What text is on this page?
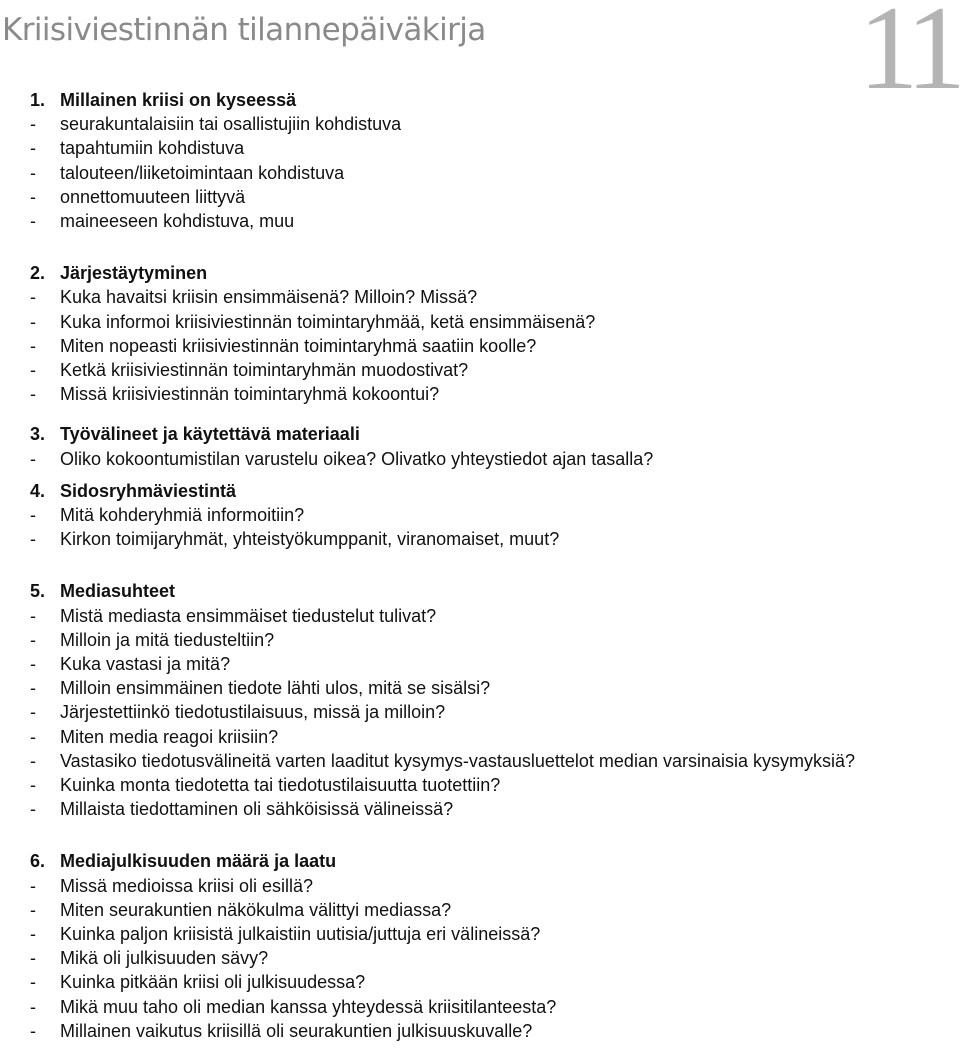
Kriisiviestinnän tilannepäiväkirja	11
1. Millainen kriisi on kyseessä
-	seurakuntalaisiin tai osallistujiin kohdistuva
-	tapahtumiin kohdistuva
-	talouteen/liiketoimintaan kohdistuva
-	onnettomuuteen liittyvä
-	maineeseen kohdistuva, muu
2. Järjestäytyminen
-	Kuka havaitsi kriisin ensimmäisenä? Milloin? Missä?
-	Kuka informoi kriisiviestinnän toimintaryhmää, ketä ensimmäisenä?
-	Miten nopeasti kriisiviestinnän toimintaryhmä saatiin koolle?
-	Ketkä kriisiviestinnän toimintaryhmän muodostivat?
-	Missä kriisiviestinnän toimintaryhmä kokoontui?
3. Työvälineet ja käytettävä materiaali
-	Oliko kokoontumistilan varustelu oikea? Olivatko yhteystiedot ajan tasalla?
4. Sidosryhmäviestintä
-	Mitä kohderyhmiä informoitiin?
-	Kirkon toimijaryhmät, yhteistyökumppanit, viranomaiset, muut?
5. Mediasuhteet
-	Mistä mediasta ensimmäiset tiedustelut tulivat?
-	Milloin ja mitä tiedusteltiin?
-	Kuka vastasi ja mitä?
-	Milloin ensimmäinen tiedote lähti ulos, mitä se sisälsi?
-	Järjestettiinkö tiedotustilaisuus, missä ja milloin?
-	Miten media reagoi kriisiin?
-	Vastasiko tiedotusvälineitä varten laaditut kysymys-vastausluettelot median varsinaisia kysymyksiä?
-	Kuinka monta tiedotetta tai tiedotustilaisuutta tuotettiin?
-	Millaista tiedottaminen oli sähköisissä välineissä?
6. Mediajulkisuuden määrä ja laatu
-	Missä medioissa kriisi oli esillä?
-	Miten seurakuntien näkökulma välittyi mediassa?
-	Kuinka paljon kriisistä julkaistiin uutisia/juttuja eri välineissä?
-	Mikä oli julkisuuden sävy?
-	Kuinka pitkään kriisi oli julkisuudessa?
-	Mikä muu taho oli median kanssa yhteydessä kriisitilanteesta?
-	Millainen vaikutus kriisillä oli seurakuntien julkisuuskuvalle?
